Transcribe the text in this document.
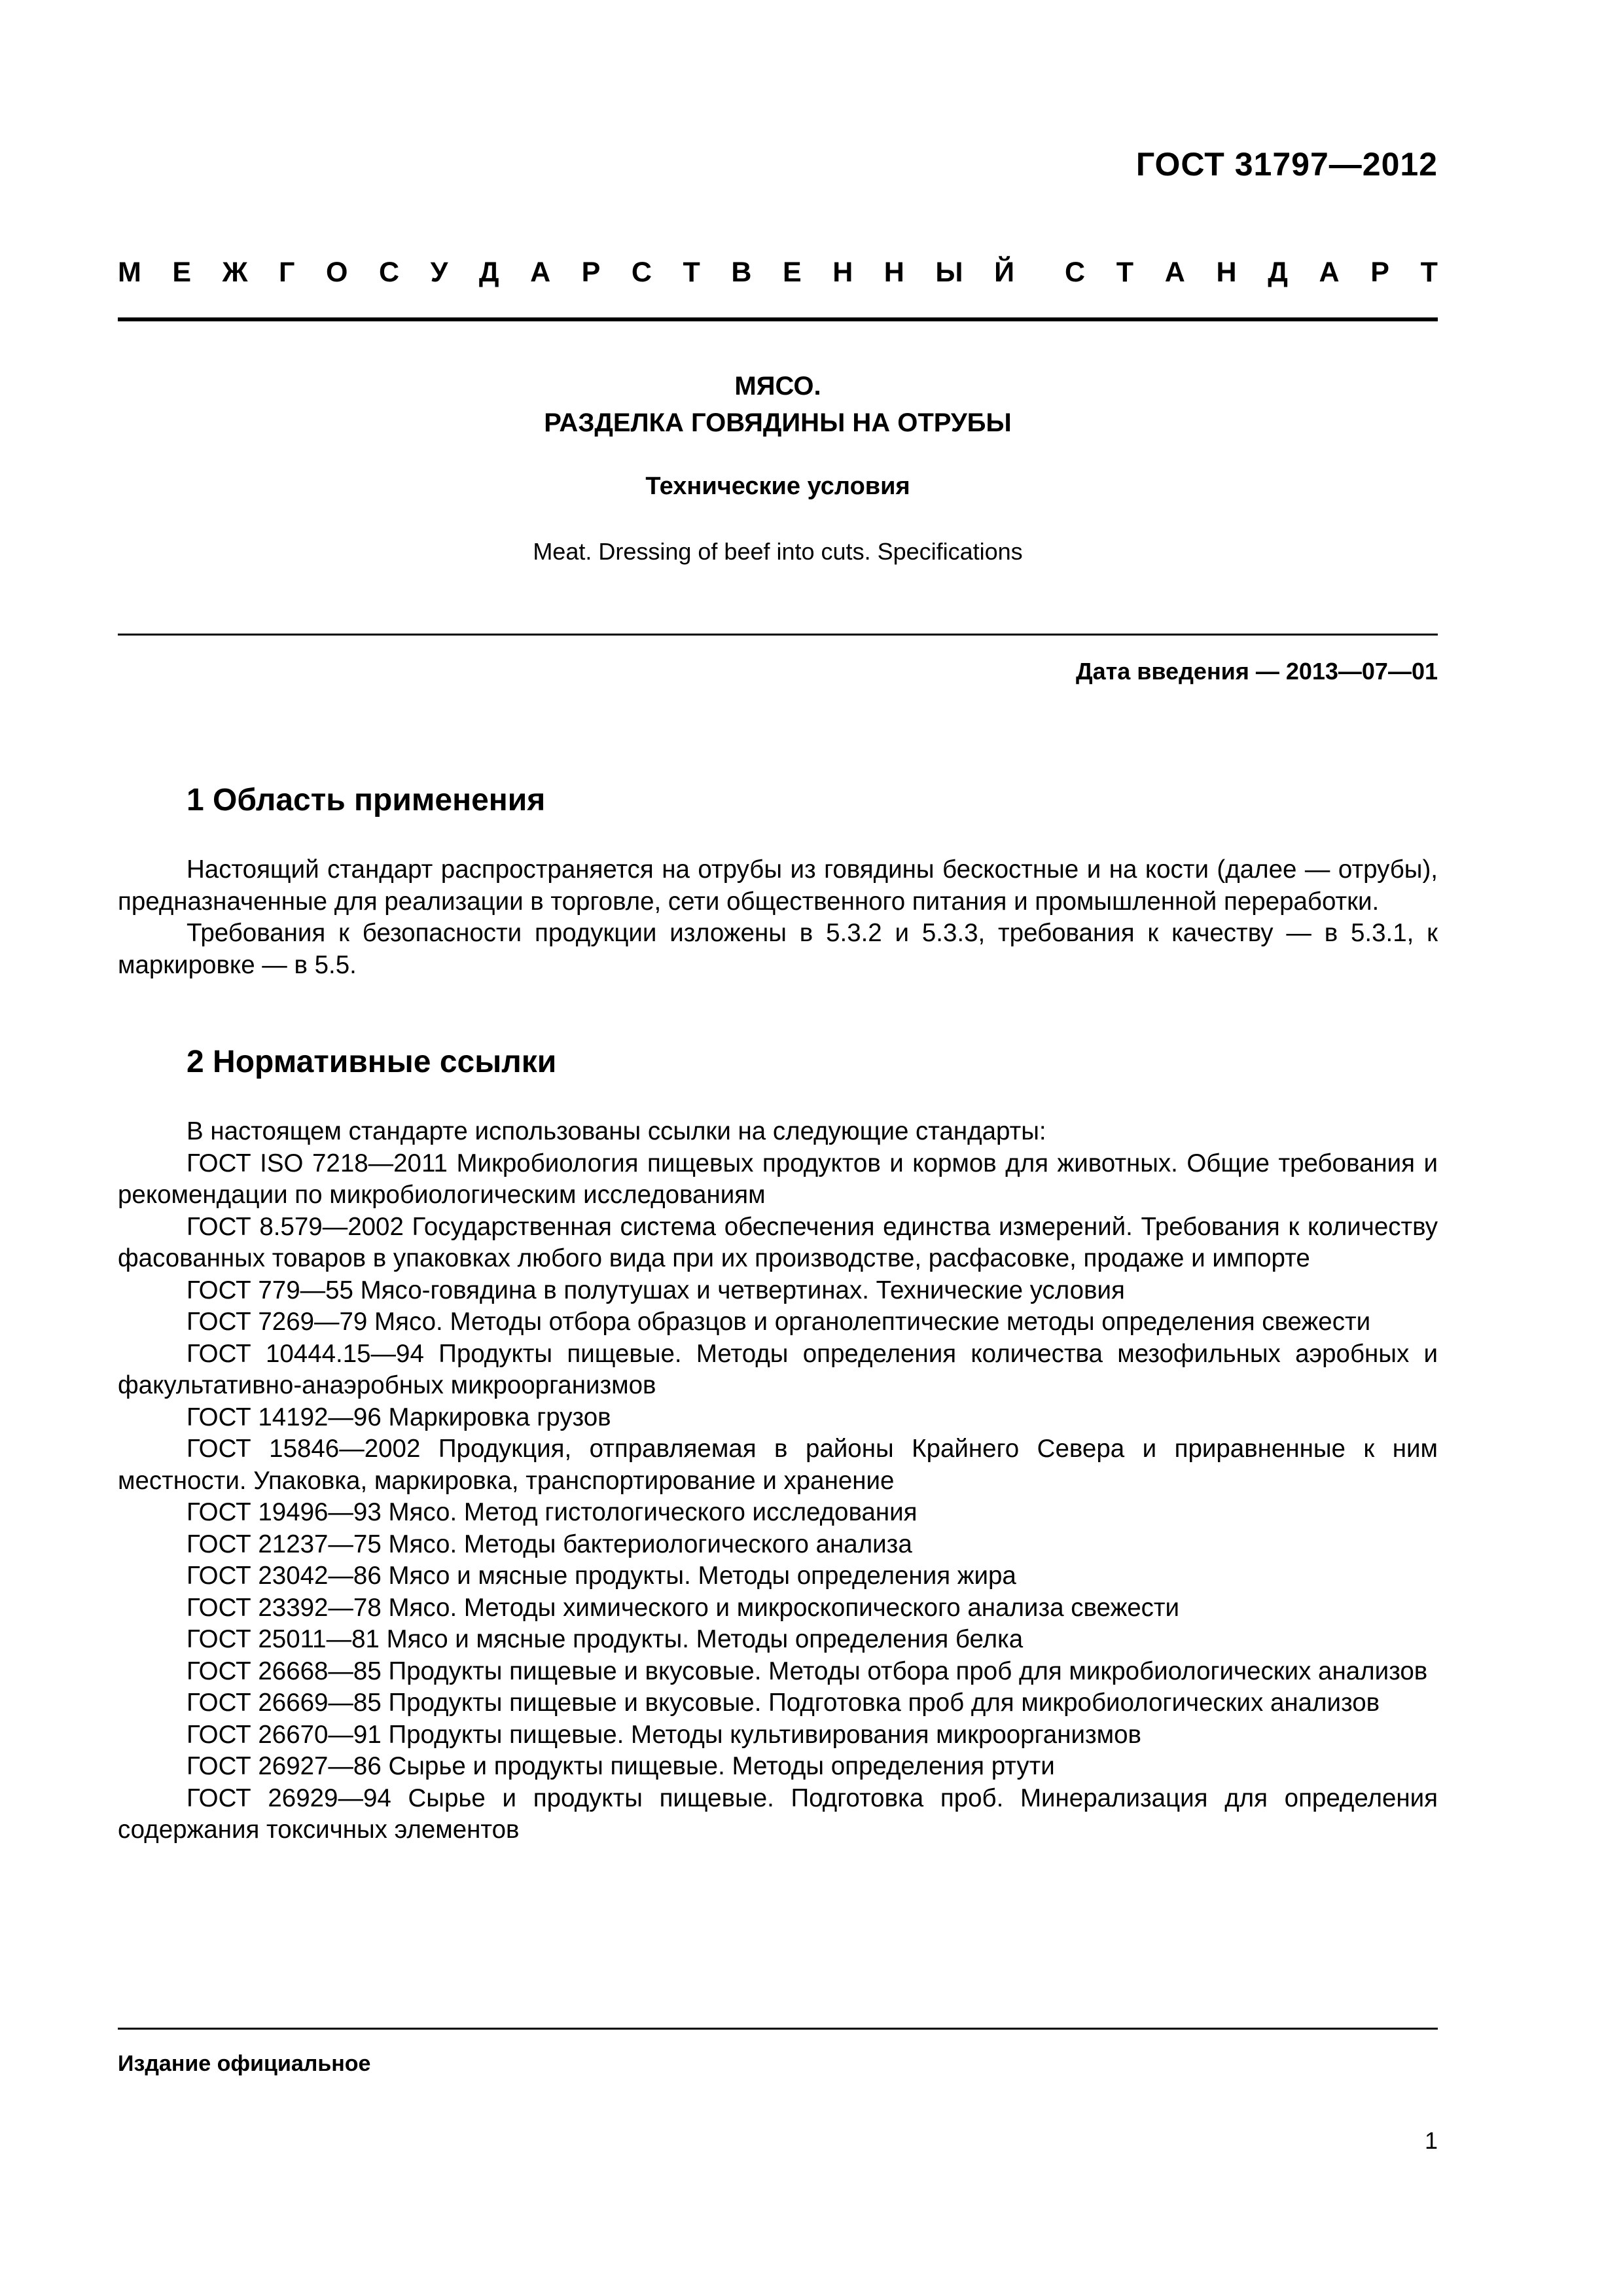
ГОСТ 31797—2012
М Е Ж Г О С У Д А Р С Т В Е Н Н Ы Й С Т А Н Д А Р Т
МЯСО.
РАЗДЕЛКА ГОВЯДИНЫ НА ОТРУБЫ
Технические условия
Meat. Dressing of beef into cuts. Specifications
Дата введения — 2013—07—01
1 Область применения

Настоящий стандарт распространяется на отрубы из говядины бескостные и на кости (далее — отрубы), предназначенные для реализации в торговле, сети общественного питания и промышленной переработки.

Требования к безопасности продукции изложены в 5.3.2 и 5.3.3, требования к качеству — в 5.3.1, к маркировке — в 5.5.

2 Нормативные ссылки

В настоящем стандарте использованы ссылки на следующие стандарты:

ГОСТ ISO 7218—2011 Микробиология пищевых продуктов и кормов для животных. Общие требования и рекомендации по микробиологическим исследованиям

ГОСТ 8.579—2002 Государственная система обеспечения единства измерений. Требования к количеству фасованных товаров в упаковках любого вида при их производстве, расфасовке, продаже и импорте

ГОСТ 779—55 Мясо-говядина в полутушах и четвертинах. Технические условия

ГОСТ 7269—79 Мясо. Методы отбора образцов и органолептические методы определения свежести

ГОСТ 10444.15—94 Продукты пищевые. Методы определения количества мезофильных аэробных и факультативно-анаэробных микроорганизмов

ГОСТ 14192—96 Маркировка грузов

ГОСТ 15846—2002 Продукция, отправляемая в районы Крайнего Севера и приравненные к ним местности. Упаковка, маркировка, транспортирование и хранение

ГОСТ 19496—93 Мясо. Метод гистологического исследования

ГОСТ 21237—75 Мясо. Методы бактериологического анализа

ГОСТ 23042—86 Мясо и мясные продукты. Методы определения жира

ГОСТ 23392—78 Мясо. Методы химического и микроскопического анализа свежести

ГОСТ 25011—81 Мясо и мясные продукты. Методы определения белка

ГОСТ 26668—85 Продукты пищевые и вкусовые. Методы отбора проб для микробиологических анализов

ГОСТ 26669—85 Продукты пищевые и вкусовые. Подготовка проб для микробиологических анализов

ГОСТ 26670—91 Продукты пищевые. Методы культивирования микроорганизмов

ГОСТ 26927—86 Сырье и продукты пищевые. Методы определения ртути

ГОСТ 26929—94 Сырье и продукты пищевые. Подготовка проб. Минерализация для определения содержания токсичных элементов

Издание официальное
1
